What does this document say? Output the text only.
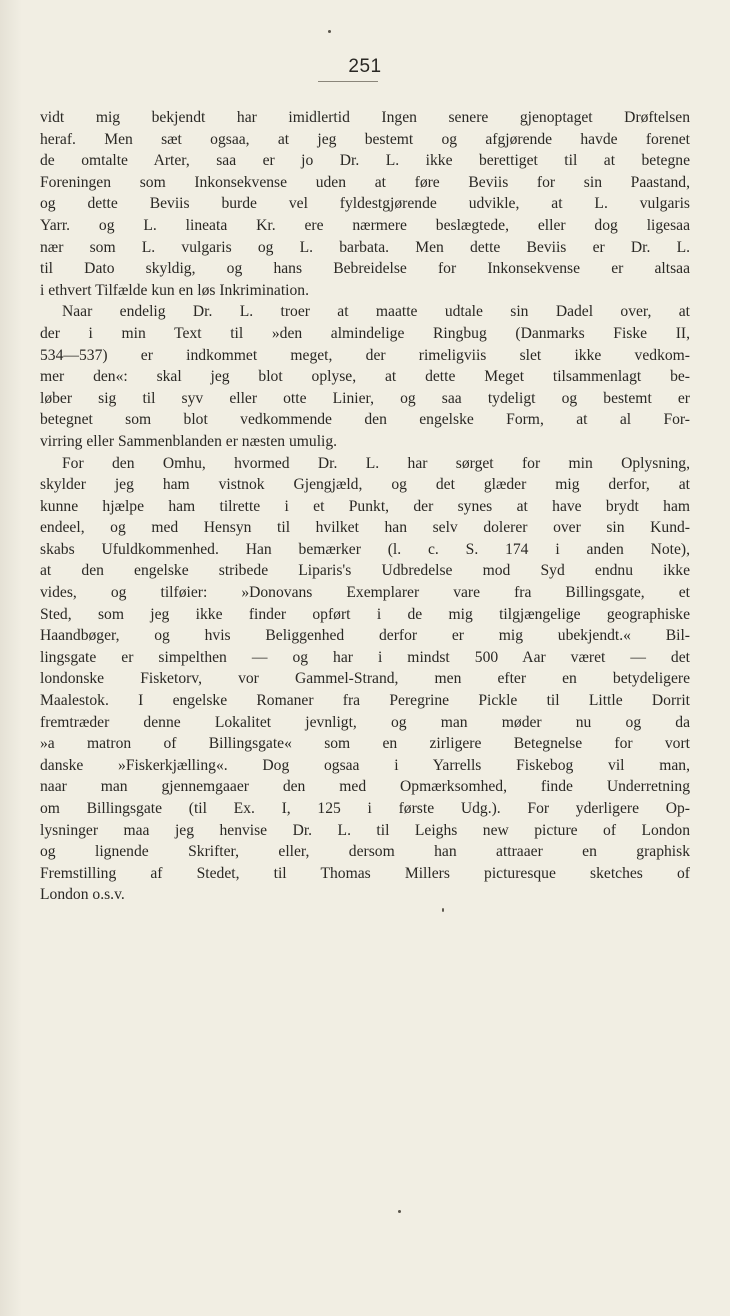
251
vidt mig bekjendt har imidlertid Ingen senere gjenoptaget Drøftelsen
heraf. Men sæt ogsaa, at jeg bestemt og afgjørende havde forenet
de omtalte Arter, saa er jo Dr. L. ikke berettiget til at betegne
Foreningen som Inkonsekvense uden at føre Beviis for sin Paastand,
og dette Beviis burde vel fyldestgjørende udvikle, at L. vulgaris
Yarr. og L. lineata Kr. ere nærmere beslægtede, eller dog ligesaa
nær som L. vulgaris og L. barbata. Men dette Beviis er Dr. L.
til Dato skyldig, og hans Bebreidelse for Inkonsekvense er altsaa
i ethvert Tilfælde kun en løs Inkrimination.
Naar endelig Dr. L. troer at maatte udtale sin Dadel over, at
der i min Text til »den almindelige Ringbug (Danmarks Fiske II,
534—537) er indkommet meget, der rimeligviis slet ikke vedkom-
mer den«: skal jeg blot oplyse, at dette Meget tilsammenlagt be-
løber sig til syv eller otte Linier, og saa tydeligt og bestemt er
betegnet som blot vedkommende den engelske Form, at al For-
virring eller Sammenblanden er næsten umulig.
For den Omhu, hvormed Dr. L. har sørget for min Oplysning,
skylder jeg ham vistnok Gjengjæld, og det glæder mig derfor, at
kunne hjælpe ham tilrette i et Punkt, der synes at have brydt ham
endeel, og med Hensyn til hvilket han selv dolerer over sin Kund-
skabs Ufuldkommenhed. Han bemærker (l. c. S. 174 i anden Note),
at den engelske stribede Liparis's Udbredelse mod Syd endnu ikke
vides, og tilføier: »Donovans Exemplarer vare fra Billingsgate, et
Sted, som jeg ikke finder opført i de mig tilgjængelige geographiske
Haandbøger, og hvis Beliggenhed derfor er mig ubekjendt.« Bil-
lingsgate er simpelthen — og har i mindst 500 Aar været — det
londonske Fisketorv, vor Gammel-Strand, men efter en betydeligere
Maalestok. I engelske Romaner fra Peregrine Pickle til Little Dorrit
fremtræder denne Lokalitet jevnligt, og man møder nu og da
»a matron of Billingsgate« som en zirligere Betegnelse for vort
danske »Fiskerkjælling«. Dog ogsaa i Yarrells Fiskebog vil man,
naar man gjennemgaaer den med Opmærksomhed, finde Underretning
om Billingsgate (til Ex. I, 125 i første Udg.). For yderligere Op-
lysninger maa jeg henvise Dr. L. til Leighs new picture of London
og lignende Skrifter, eller, dersom han attraaer en graphisk
Fremstilling af Stedet, til Thomas Millers picturesque sketches of
London o.s.v.
